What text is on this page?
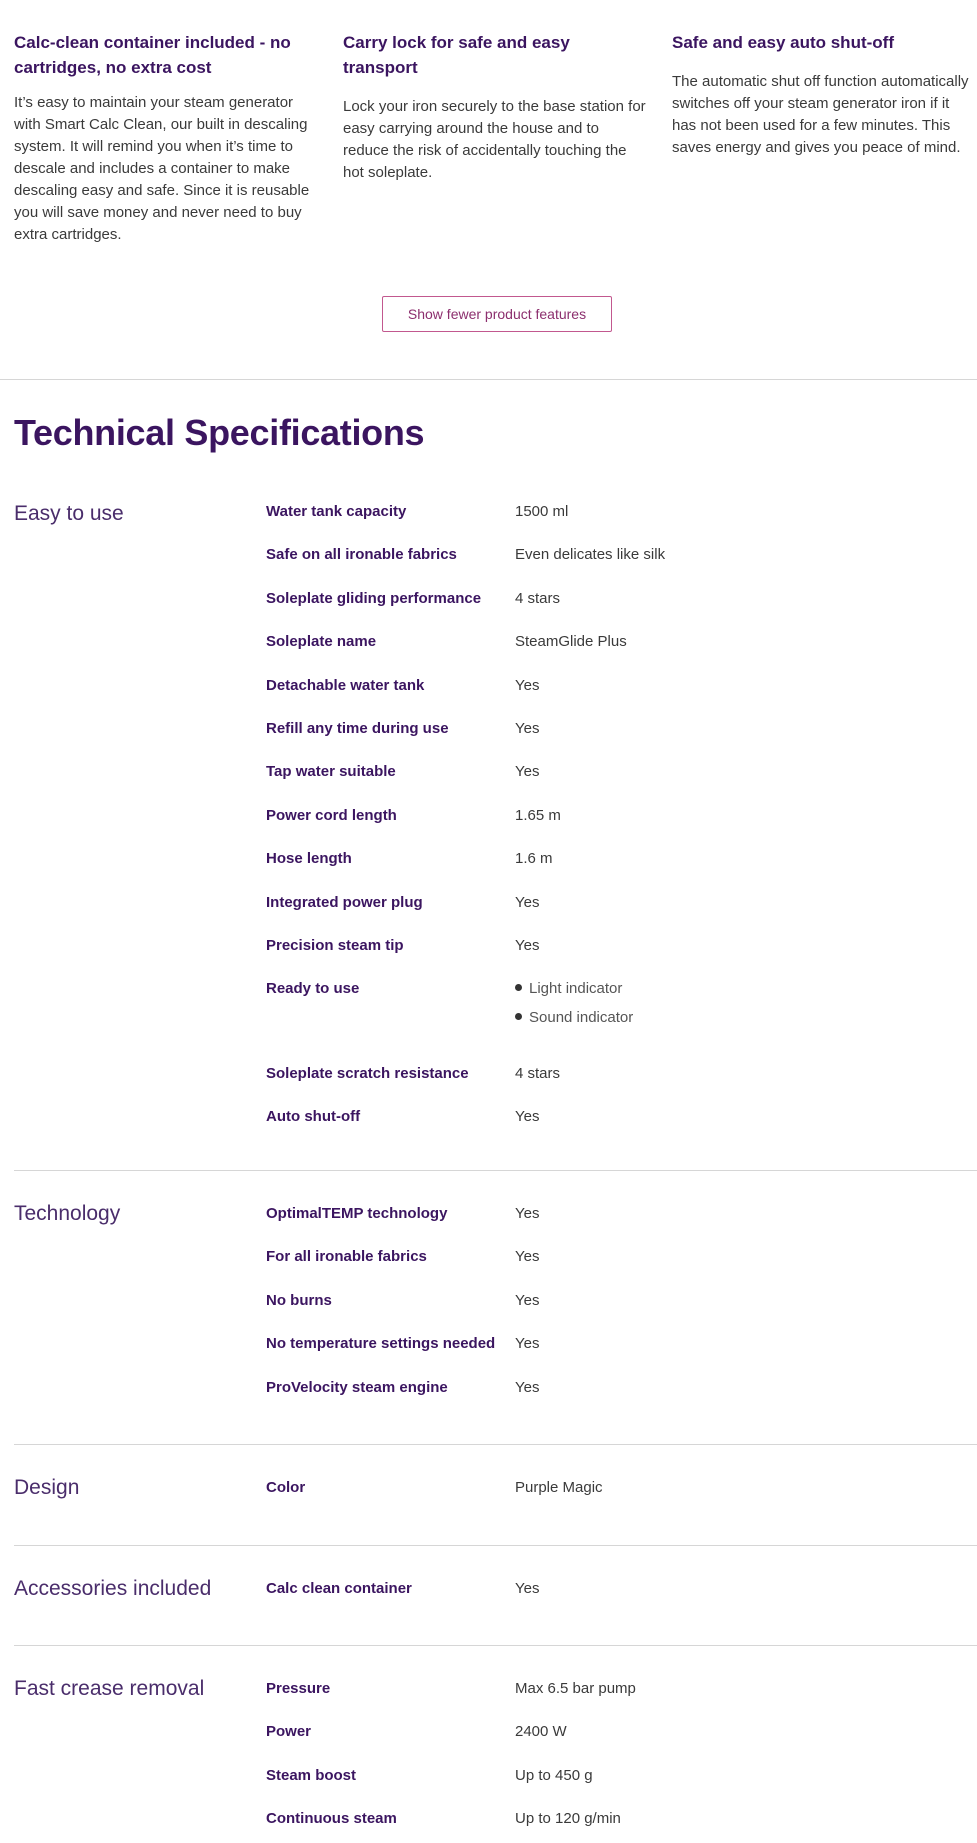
Calc-clean container included - no cartridges, no extra cost

It’s easy to maintain your steam generator with Smart Calc Clean, our built in descaling system. It will remind you when it’s time to descale and includes a container to make descaling easy and safe. Since it is reusable you will save money and never need to buy extra cartridges.

Carry lock for safe and easy transport

Lock your iron securely to the base station for easy carrying around the house and to reduce the risk of accidentally touching the hot soleplate.

Safe and easy auto shut-off

The automatic shut off function automatically switches off your steam generator iron if it has not been used for a few minutes. This saves energy and gives you peace of mind.

Show fewer product features
Technical Specifications
Easy to use	Water tank capacity	1500 ml
Safe on all ironable fabrics	Even delicates like silk
Soleplate gliding performance 4 stars
Soleplate name	SteamGlide Plus
Detachable water tank	Yes
Refill any time during use	Yes
Tap water suitable	Yes
Power cord length	1.65 m
Hose length	1.6 m
Integrated power plug	Yes
Precision steam tip	Yes
Ready to use	Light indicator
Sound indicator
Soleplate scratch resistance	4 stars
Auto shut-off	Yes
Technology	OptimalTEMP technology	Yes
For all ironable fabrics	Yes
No burns	Yes
No temperature settings needed Yes
ProVelocity steam engine	Yes
Design	Color	Purple Magic
Accessories included	Calc clean container	Yes
Fast crease removal	Pressure	Max 6.5 bar pump
Power	2400 W
Steam boost	Up to 450 g
Continuous steam	Up to 120 g/min
